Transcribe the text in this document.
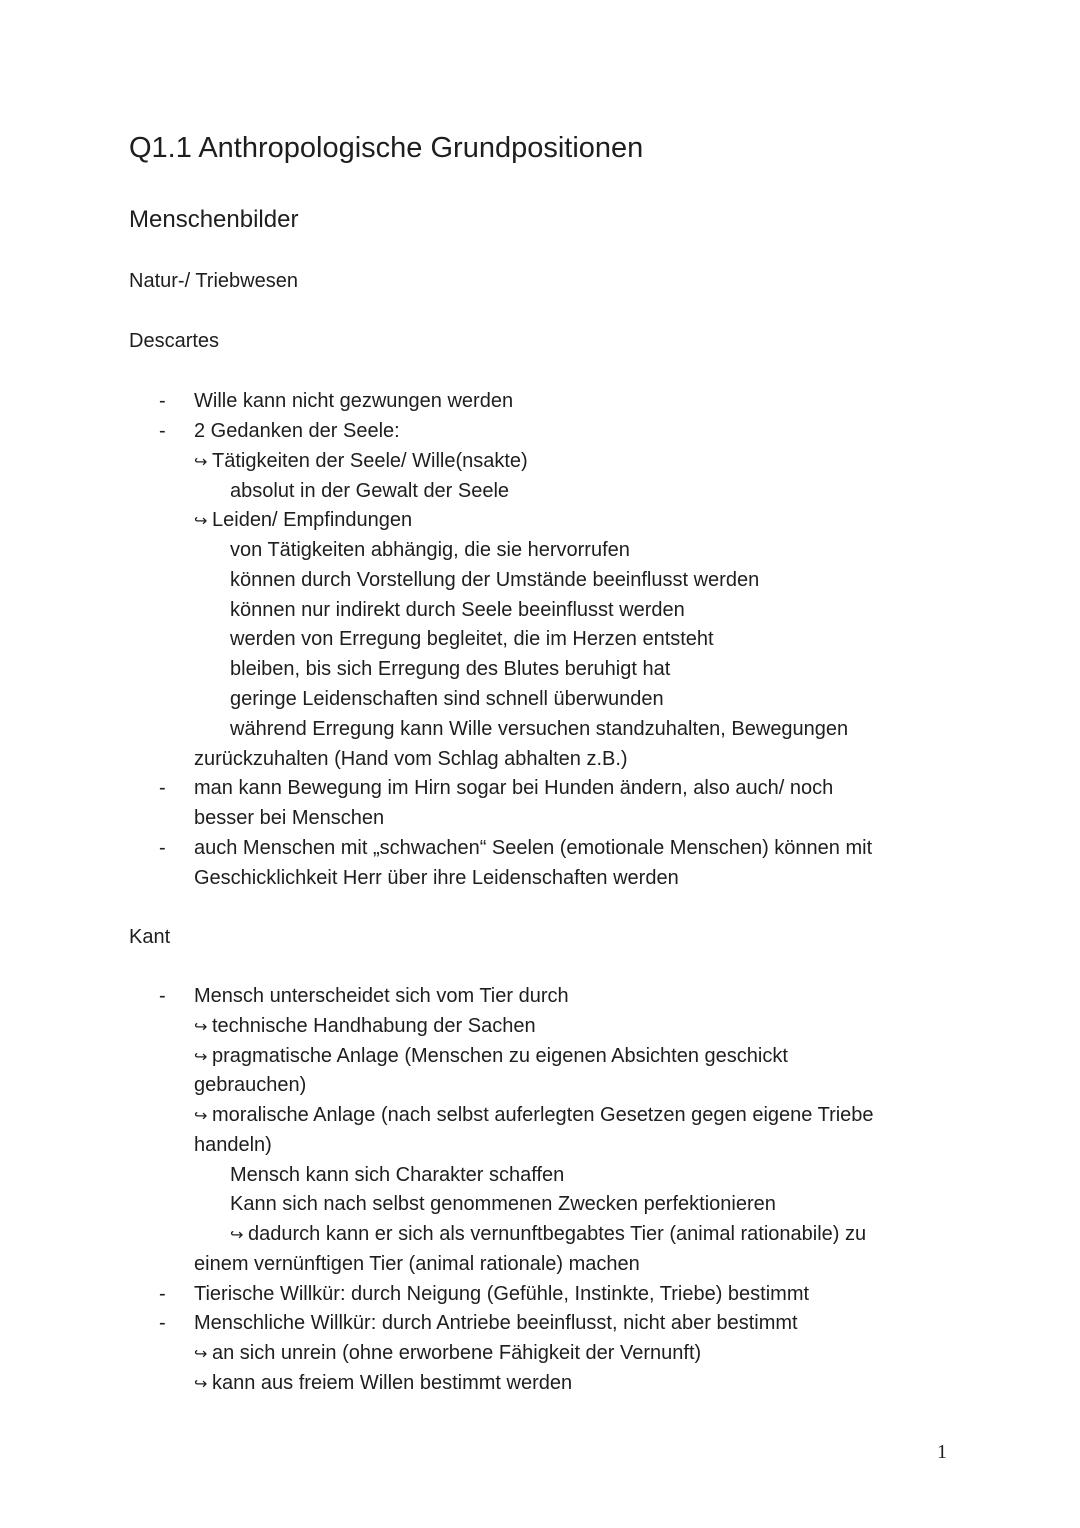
Q1.1 Anthropologische Grundpositionen
Menschenbilder
Natur-/ Triebwesen
Descartes
- Wille kann nicht gezwungen werden
- 2 Gedanken der Seele:
↪ Tätigkeiten der Seele/ Wille(nsakte)
absolut in der Gewalt der Seele
↪ Leiden/ Empfindungen
von Tätigkeiten abhängig, die sie hervorrufen
können durch Vorstellung der Umstände beeinflusst werden
können nur indirekt durch Seele beeinflusst werden
werden von Erregung begleitet, die im Herzen entsteht
bleiben, bis sich Erregung des Blutes beruhigt hat
geringe Leidenschaften sind schnell überwunden
während Erregung kann Wille versuchen standzuhalten, Bewegungen
zurückzuhalten (Hand vom Schlag abhalten z.B.)
- man kann Bewegung im Hirn sogar bei Hunden ändern, also auch/ noch
besser bei Menschen
- auch Menschen mit „schwachen“ Seelen (emotionale Menschen) können mit
Geschicklichkeit Herr über ihre Leidenschaften werden
Kant
- Mensch unterscheidet sich vom Tier durch
↪ technische Handhabung der Sachen
↪ pragmatische Anlage (Menschen zu eigenen Absichten geschickt
gebrauchen)
↪ moralische Anlage (nach selbst auferlegten Gesetzen gegen eigene Triebe
handeln)
Mensch kann sich Charakter schaffen
Kann sich nach selbst genommenen Zwecken perfektionieren
↪ dadurch kann er sich als vernunftbegabtes Tier (animal rationabile) zu
einem vernünftigen Tier (animal rationale) machen
- Tierische Willkür: durch Neigung (Gefühle, Instinkte, Triebe) bestimmt
- Menschliche Willkür: durch Antriebe beeinflusst, nicht aber bestimmt
↪ an sich unrein (ohne erworbene Fähigkeit der Vernunft)
↪ kann aus freiem Willen bestimmt werden
1
